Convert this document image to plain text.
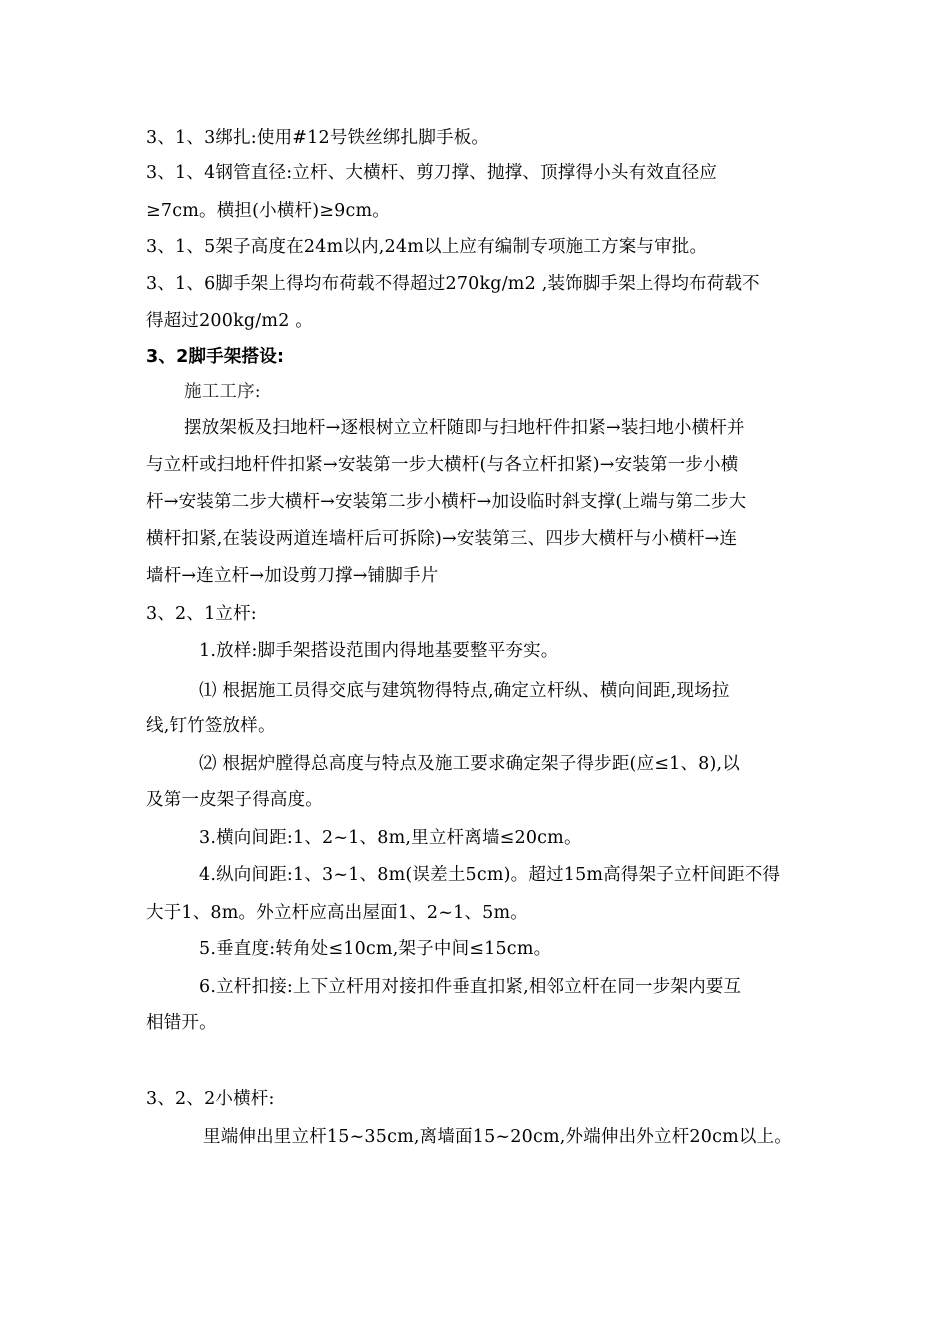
3、1、3绑扎:使用#12号铁丝绑扎脚手板。
3、1、4钢管直径:立杆、大横杆、剪刀撑、抛撑、顶撑得小头有效直径应
≥7cm。横担(小横杆)≥9cm。
3、1、5架子高度在24m以内,24m以上应有编制专项施工方案与审批。
3、1、6脚手架上得均布荷载不得超过270kg/m2 ,装饰脚手架上得均布荷载不
得超过200kg/m2 。
3、2脚手架搭设:
施工工序:
摆放架板及扫地杆→逐根树立立杆随即与扫地杆件扣紧→装扫地小横杆并
与立杆或扫地杆件扣紧→安装第一步大横杆(与各立杆扣紧)→安装第一步小横
杆→安装第二步大横杆→安装第二步小横杆→加设临时斜支撑(上端与第二步大
横杆扣紧,在装设两道连墙杆后可拆除)→安装第三、四步大横杆与小横杆→连
墙杆→连立杆→加设剪刀撑→铺脚手片
3、2、1立杆:
1.放样:脚手架搭设范围内得地基要整平夯实。
⑴ 根据施工员得交底与建筑物得特点,确定立杆纵、横向间距,现场拉
线,钉竹签放样。
⑵ 根据炉膛得总高度与特点及施工要求确定架子得步距(应≤1、8),以
及第一皮架子得高度。
3.横向间距:1、2~1、8m,里立杆离墙≤20cm。
4.纵向间距:1、3~1、8m(误差土5cm)。超过15m高得架子立杆间距不得
大于1、8m。外立杆应高出屋面1、2~1、5m。
5.垂直度:转角处≤10cm,架子中间≤15cm。
6.立杆扣接:上下立杆用对接扣件垂直扣紧,相邻立杆在同一步架内要互
相错开。
3、2、2小横杆:
里端伸出里立杆15~35cm,离墙面15~20cm,外端伸出外立杆20cm以上。
